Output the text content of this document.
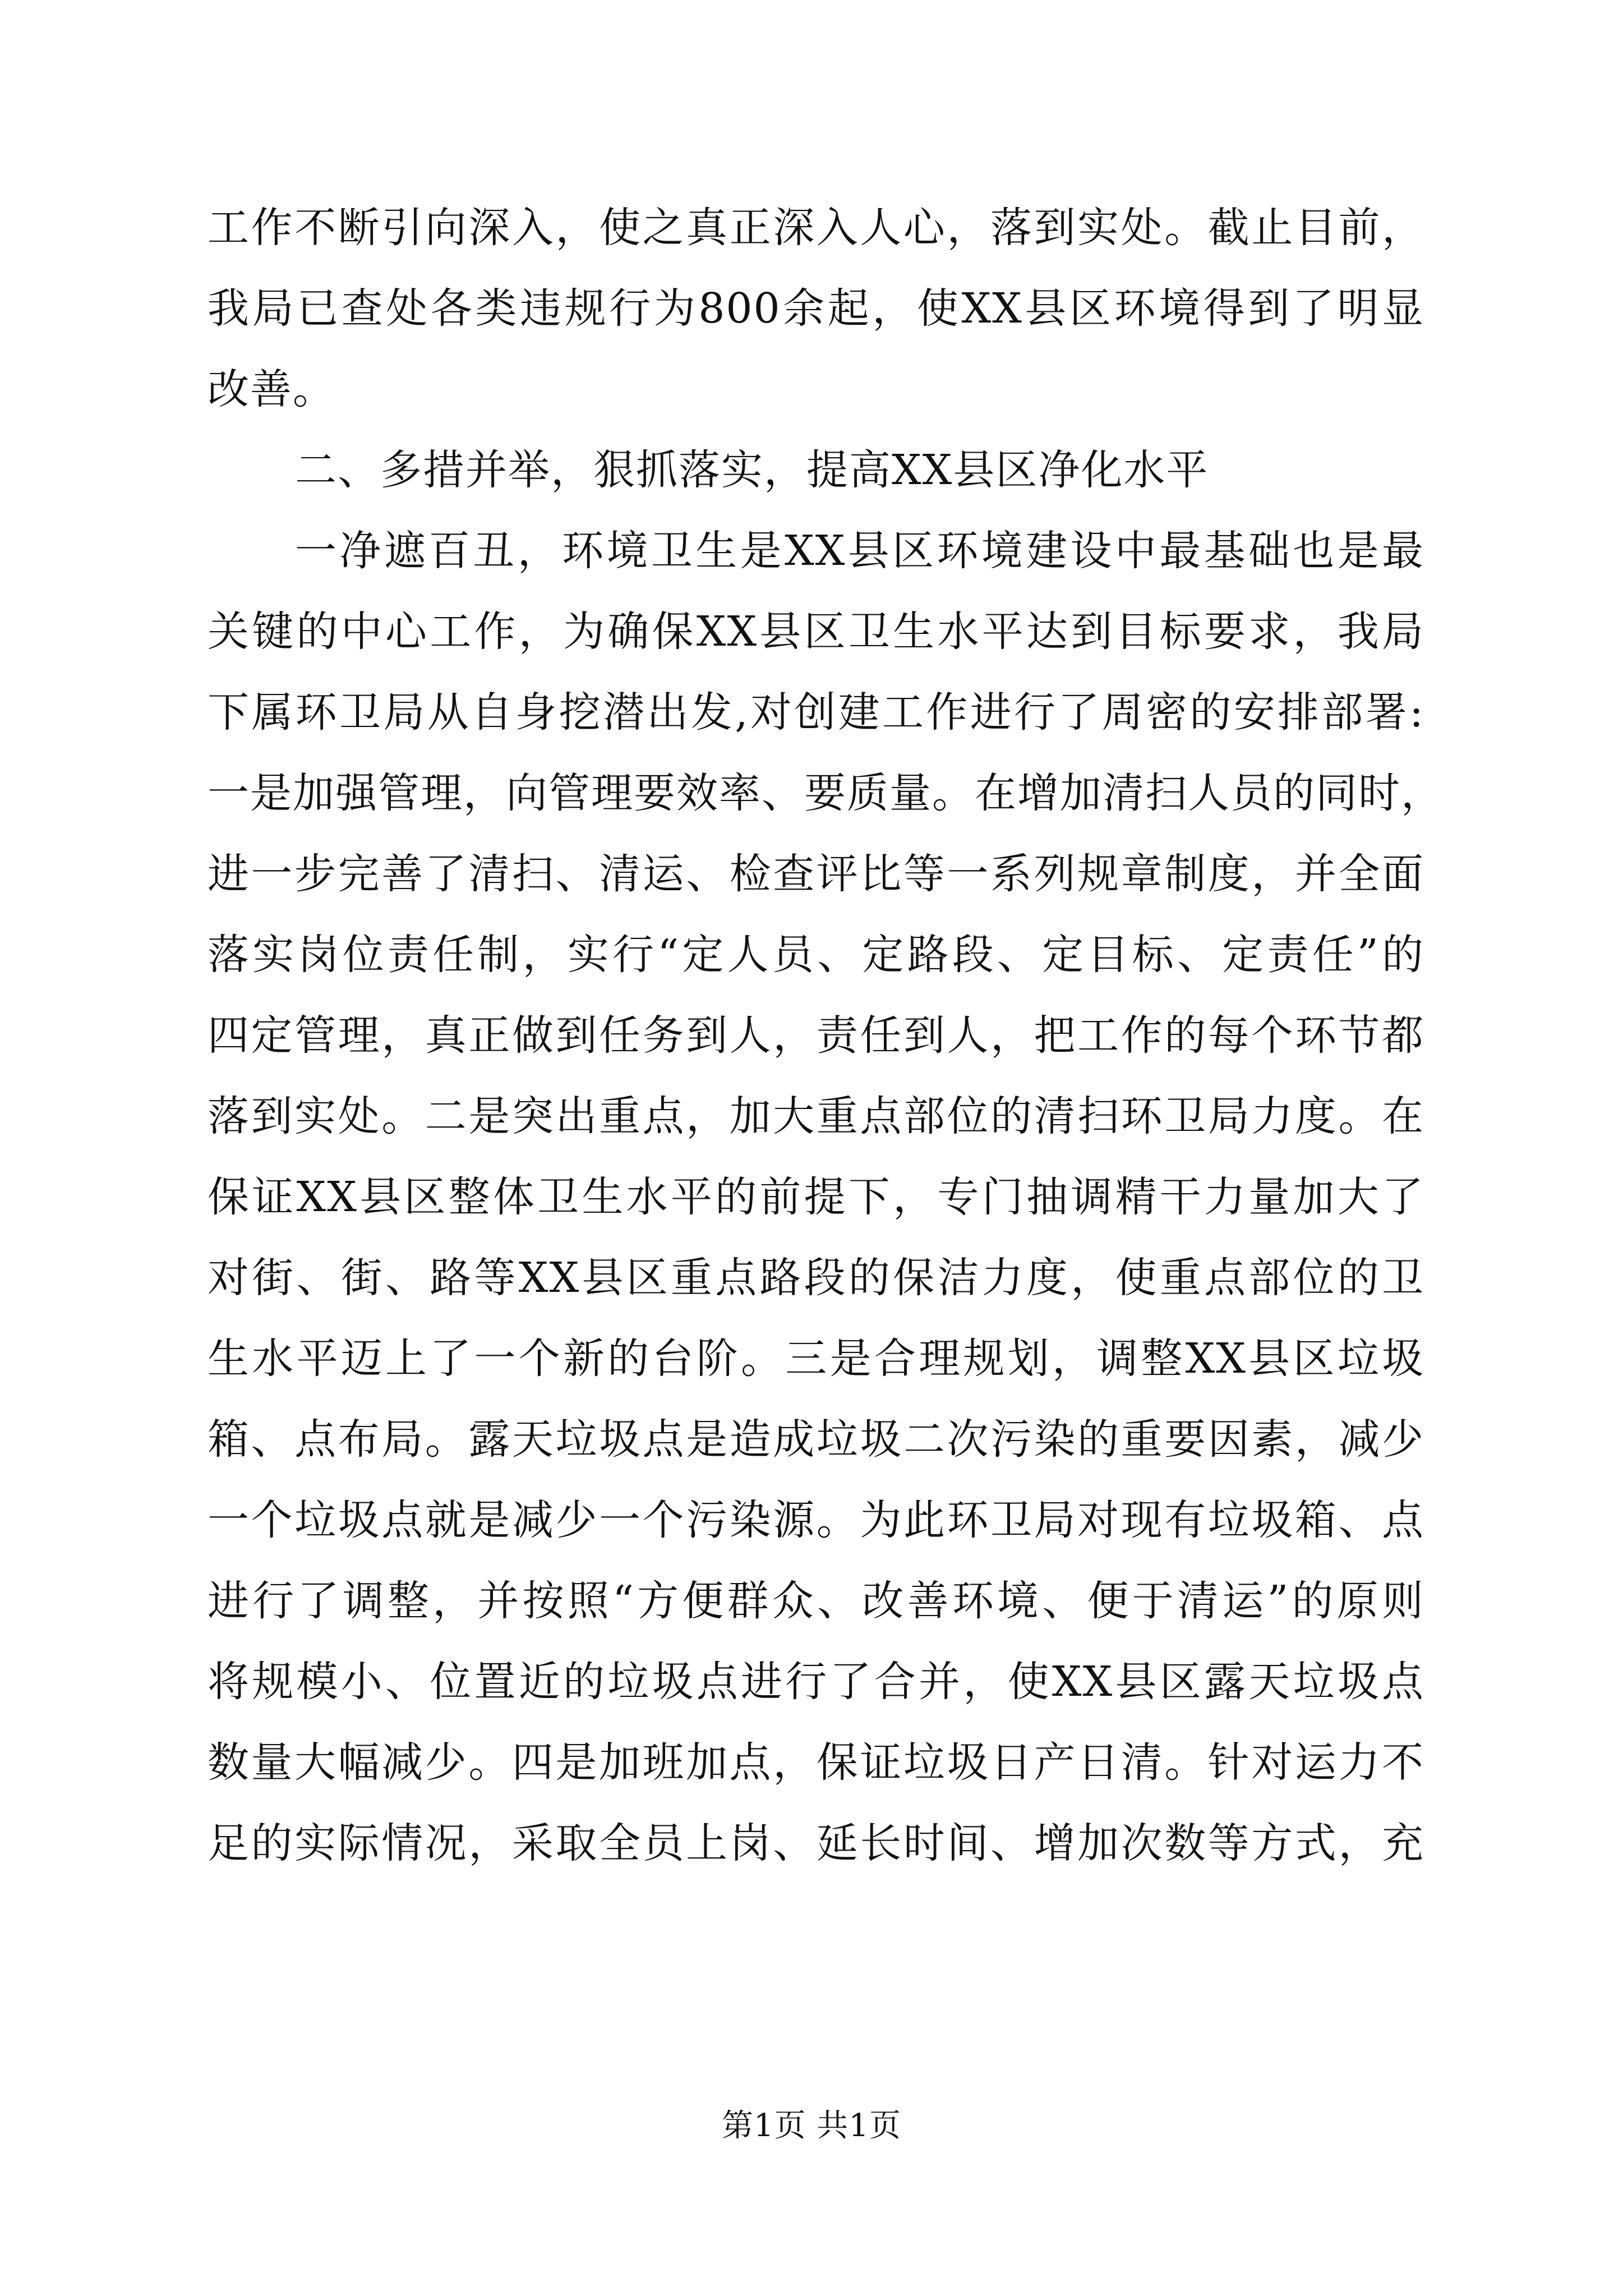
工作不断引向深入，使之真正深入人心，落到实处。截止目前，
我局已查处各类违规行为800余起，使XX县区环境得到了明显
改善。
二、多措并举，狠抓落实，提高XX县区净化水平
一净遮百丑，环境卫生是XX县区环境建设中最基础也是最
关键的中心工作，为确保XX县区卫生水平达到目标要求，我局
下属环卫局从自身挖潜出发,对创建工作进行了周密的安排部署:
一是加强管理，向管理要效率、要质量。在增加清扫人员的同时，
进一步完善了清扫、清运、检查评比等一系列规章制度，并全面
落实岗位责任制，实行“定人员、定路段、定目标、定责任”的
四定管理，真正做到任务到人，责任到人，把工作的每个环节都
落到实处。二是突出重点，加大重点部位的清扫环卫局力度。在
保证XX县区整体卫生水平的前提下，专门抽调精干力量加大了
对街、街、路等XX县区重点路段的保洁力度，使重点部位的卫
生水平迈上了一个新的台阶。三是合理规划，调整XX县区垃圾
箱、点布局。露天垃圾点是造成垃圾二次污染的重要因素，减少
一个垃圾点就是减少一个污染源。为此环卫局对现有垃圾箱、点
进行了调整，并按照“方便群众、改善环境、便于清运”的原则
将规模小、位置近的垃圾点进行了合并，使XX县区露天垃圾点
数量大幅减少。四是加班加点，保证垃圾日产日清。针对运力不
足的实际情况，采取全员上岗、延长时间、增加次数等方式，充
第1页 共1页
